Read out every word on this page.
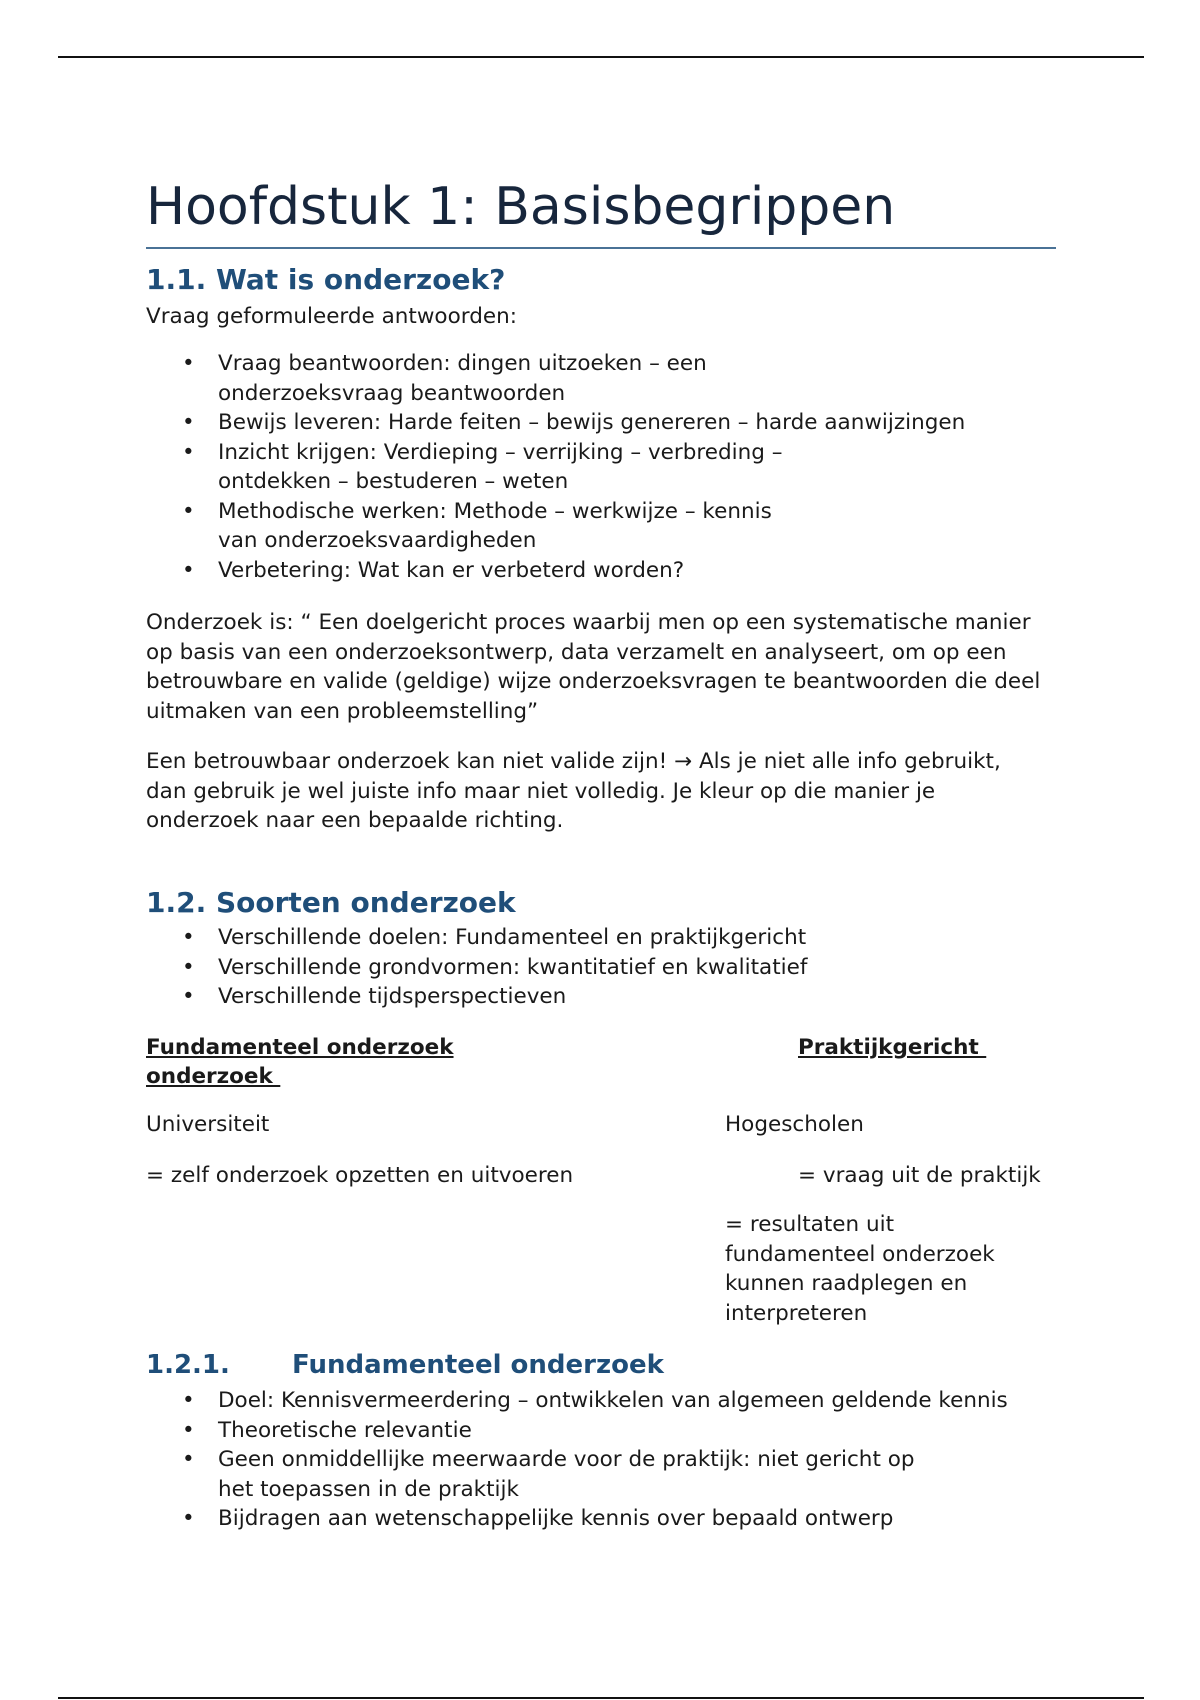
Hoofdstuk 1: Basisbegrippen
1.1. Wat is onderzoek?

Vraag geformuleerde antwoorden:

• Vraag beantwoorden: dingen uitzoeken – een onderzoeksvraag beantwoorden
• Bewijs leveren: Harde feiten – bewijs genereren – harde aanwijzingen
• Inzicht krijgen: Verdieping – verrijking – verbreding – ontdekken – bestuderen – weten
• Methodische werken: Methode – werkwijze – kennis van onderzoeksvaardigheden
• Verbetering: Wat kan er verbeterd worden?

Onderzoek is: “ Een doelgericht proces waarbij men op een systematische manier op basis van een onderzoeksontwerp, data verzamelt en analyseert, om op een betrouwbare en valide (geldige) wijze onderzoeksvragen te beantwoorden die deel uitmaken van een probleemstelling”

Een betrouwbaar onderzoek kan niet valide zijn! → Als je niet alle info gebruikt, dan gebruik je wel juiste info maar niet volledig. Je kleur op die manier je onderzoek naar een bepaalde richting.

1.2. Soorten onderzoek
• Verschillende doelen: Fundamenteel en praktijkgericht
• Verschillende grondvormen: kwantitatief en kwalitatief
• Verschillende tijdsperspectieven
Fundamenteel onderzoek
onderzoek
Praktijkgericht
Universiteit
= zelf onderzoek opzetten en uitvoeren
Hogescholen
= vraag uit de praktijk
= resultaten uit fundamenteel onderzoek kunnen raadplegen en interpreteren
1.2.1. Fundamenteel onderzoek
• Doel: Kennisvermeerdering – ontwikkelen van algemeen geldende kennis
• Theoretische relevantie
• Geen onmiddellijke meerwaarde voor de praktijk: niet gericht op het toepassen in de praktijk
• Bijdragen aan wetenschappelijke kennis over bepaald ontwerp
